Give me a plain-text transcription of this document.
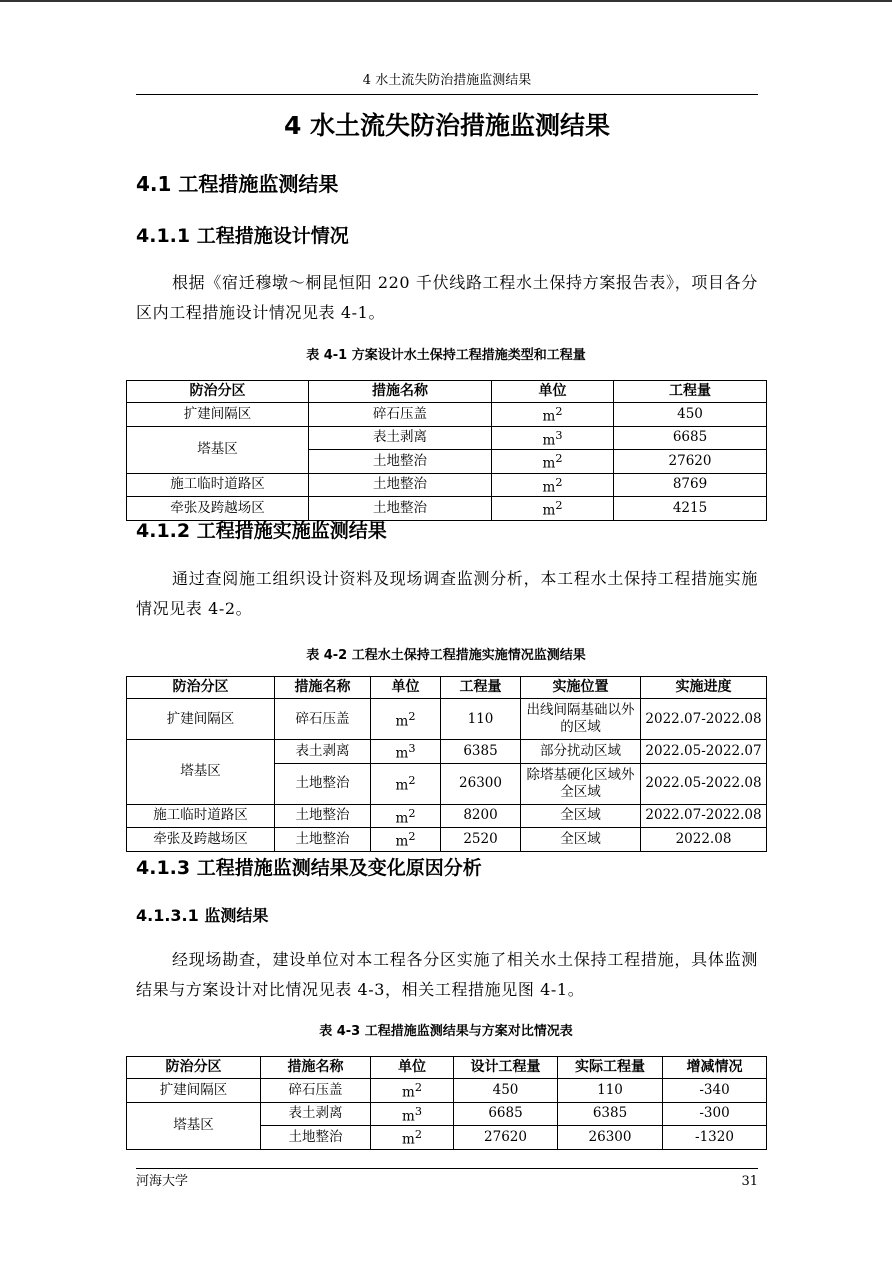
4 水土流失防治措施监测结果
4 水土流失防治措施监测结果
4.1 工程措施监测结果
4.1.1 工程措施设计情况

根据《宿迁穆墩～桐昆恒阳 220 千伏线路工程水土保持方案报告表》，项目各分区内工程措施设计情况见表 4-1。

表 4-1 方案设计水土保持工程措施类型和工程量
防治分区	措施名称	单位	工程量
扩建间隔区	碎石压盖	$m^2$	450
塔基区	表土剥离	$m^3$	6685
	土地整治	$m^2$	27620
施工临时道路区	土地整治	$m^2$	8769
牵张及跨越场区	土地整治	$m^2$	4215
4.1.2 工程措施实施监测结果

通过查阅施工组织设计资料及现场调查监测分析，本工程水土保持工程措施实施情况见表 4-2。

表 4-2 工程水土保持工程措施实施情况监测结果
防治分区	措施名称	单位	工程量	实施位置	实施进度
扩建间隔区	碎石压盖	$m^2$	110	出线间隔基础以外的区域	2022.07-2022.08
塔基区	表土剥离	$m^3$	6385	部分扰动区域	2022.05-2022.07
	土地整治	$m^2$	26300	除塔基硬化区域外全区域	2022.05-2022.08
施工临时道路区	土地整治	$m^2$	8200	全区域	2022.07-2022.08
牵张及跨越场区	土地整治	$m^2$	2520	全区域	2022.08
4.1.3 工程措施监测结果及变化原因分析
4.1.3.1 监测结果

经现场勘查，建设单位对本工程各分区实施了相关水土保持工程措施，具体监测结果与方案设计对比情况见表 4-3，相关工程措施见图 4-1。

表 4-3 工程措施监测结果与方案对比情况表
防治分区	措施名称	单位	设计工程量	实际工程量	增减情况
扩建间隔区	碎石压盖	$m^2$	450	110	-340
塔基区	表土剥离	$m^3$	6685	6385	-300
	土地整治	$m^2$	27620	26300	-1320
河海大学	31
